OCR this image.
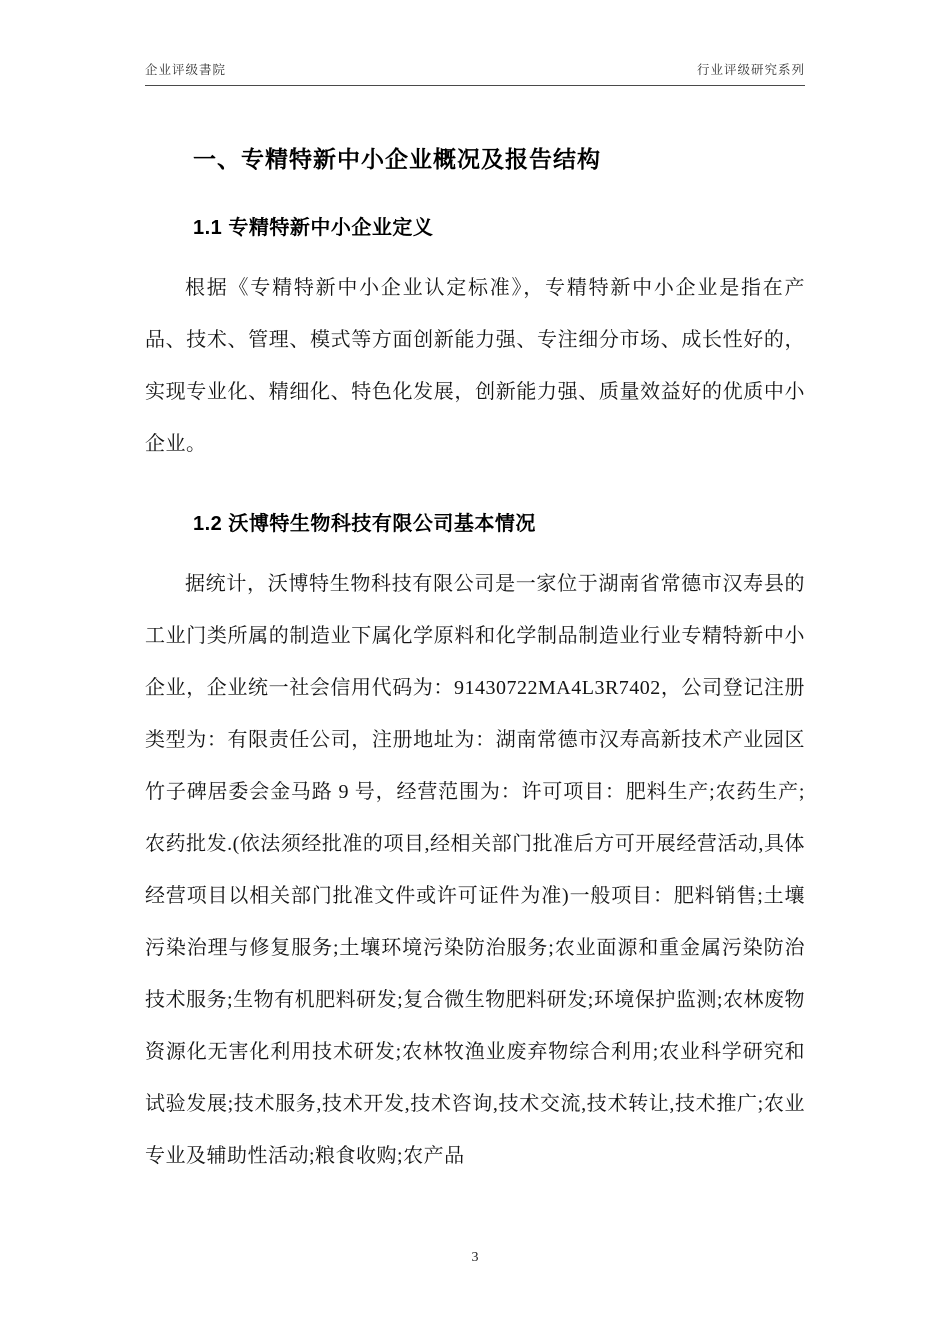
企业评级書院	行业评级研究系列
一、专精特新中小企业概况及报告结构
1.1 专精特新中小企业定义

根据《专精特新中小企业认定标准》，专精特新中小企业是指在产品、技术、管理、模式等方面创新能力强、专注细分市场、成长性好的，实现专业化、精细化、特色化发展，创新能力强、质量效益好的优质中小企业。

1.2 沃博特生物科技有限公司基本情况

据统计，沃博特生物科技有限公司是一家位于湖南省常德市汉寿县的工业门类所属的制造业下属化学原料和化学制品制造业行业专精特新中小企业，企业统一社会信用代码为：91430722MA4L3R7402，公司登记注册类型为：有限责任公司，注册地址为：湖南常德市汉寿高新技术产业园区竹子碑居委会金马路 9 号，经营范围为：许可项目：肥料生产;农药生产;农药批发.(依法须经批准的项目,经相关部门批准后方可开展经营活动,具体经营项目以相关部门批准文件或许可证件为准)一般项目：肥料销售;土壤污染治理与修复服务;土壤环境污染防治服务;农业面源和重金属污染防治技术服务;生物有机肥料研发;复合微生物肥料研发;环境保护监测;农林废物资源化无害化利用技术研发;农林牧渔业废弃物综合利用;农业科学研究和试验发展;技术服务,技术开发,技术咨询,技术交流,技术转让,技术推广;农业专业及辅助性活动;粮食收购;农产品

3
